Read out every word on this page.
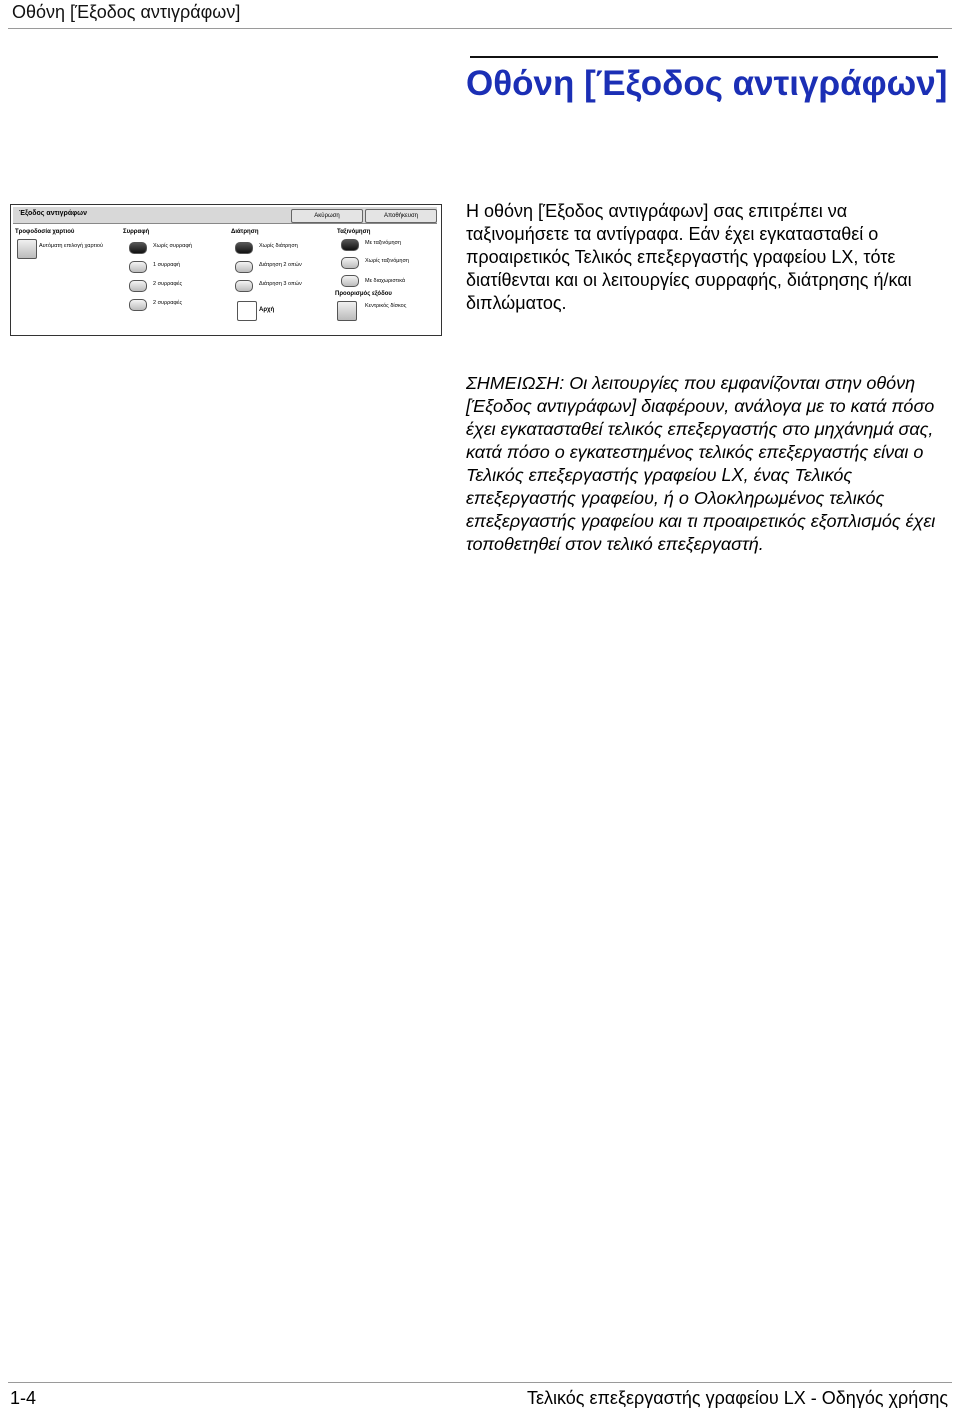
Οθόνη [Έξοδος αντιγράφων]
Οθόνη [Έξοδος αντιγράφων]
Έξοδος αντιγράφων	Ακύρωση	Αποθήκευση
Τροφοδοσία χαρτιού
Αυτόματη επιλογή χαρτιού
Συρραφή
Χωρίς συρραφή
1 συρραφή
2 συρραφές
2 συρραφές
Διάτρηση
Χωρίς διάτρηση
Διάτρηση 2 οπών
Διάτρηση 3 οπών
Αρχή
Ταξινόμηση
Με ταξινόμηση
Χωρίς ταξινόμηση
Με διαχωριστικά
Προορισμός εξόδου
Κεντρικός δίσκος
Η οθόνη [Έξοδος αντιγράφων] σας επιτρέπει να ταξινομήσετε τα αντίγραφα. Εάν έχει εγκατασταθεί ο προαιρετικός Τελικός επεξεργαστής γραφείου LX, τότε διατίθενται και οι λειτουργίες συρραφής, διάτρησης ή/και διπλώματος.
ΣΗΜΕΙΩΣΗ: Οι λειτουργίες που εμφανίζονται στην οθόνη [Έξοδος αντιγράφων] διαφέρουν, ανάλογα με το κατά πόσο έχει εγκατασταθεί τελικός επεξεργαστής στο μηχάνημά σας, κατά πόσο ο εγκατεστημένος τελικός επεξεργαστής είναι ο Τελικός επεξεργαστής γραφείου LX, ένας Τελικός επεξεργαστής γραφείου, ή ο Ολοκληρωμένος τελικός επεξεργαστής γραφείου και τι προαιρετικός εξοπλισμός έχει τοποθετηθεί στον τελικό επεξεργαστή.
1-4	Τελικός επεξεργαστής γραφείου LX - Οδηγός χρήσης
